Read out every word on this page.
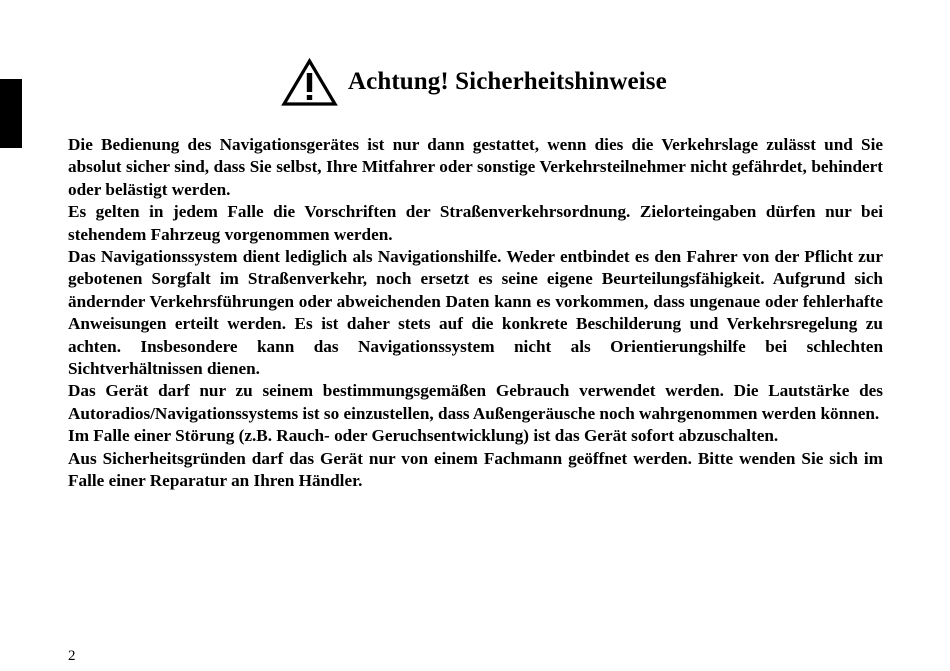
Achtung! Sicherheitshinweise

Die Bedienung des Navigationsgerätes ist nur dann gestattet, wenn dies die Verkehrslage zulässt und Sie absolut sicher sind, dass Sie selbst, Ihre Mitfahrer oder sonstige Verkehrsteilnehmer nicht gefährdet, behindert oder belästigt werden.

Es gelten in jedem Falle die Vorschriften der Straßenverkehrsordnung. Zielorteingaben dürfen nur bei stehendem Fahrzeug vorgenommen werden.

Das Navigationssystem dient lediglich als Navigationshilfe. Weder entbindet es den Fahrer von der Pflicht zur gebotenen Sorgfalt im Straßenverkehr, noch ersetzt es seine eigene Beurteilungsfähigkeit. Aufgrund sich ändernder Verkehrsführungen oder abweichenden Daten kann es vorkommen, dass ungenaue oder fehlerhafte Anweisungen erteilt werden. Es ist daher stets auf die konkrete Beschilderung und Verkehrsregelung zu achten. Insbesondere kann das Navigationssystem nicht als Orientierungshilfe bei schlechten Sichtverhältnissen dienen.

Das Gerät darf nur zu seinem bestimmungsgemäßen Gebrauch verwendet werden. Die Lautstärke des Autoradios/Navigationssystems ist so einzustellen, dass Außengeräusche noch wahrgenommen werden können.

Im Falle einer Störung (z.B. Rauch- oder Geruchsentwicklung) ist das Gerät sofort abzuschalten.

Aus Sicherheitsgründen darf das Gerät nur von einem Fachmann geöffnet werden. Bitte wenden Sie sich im Falle einer Reparatur an Ihren Händler.

2
